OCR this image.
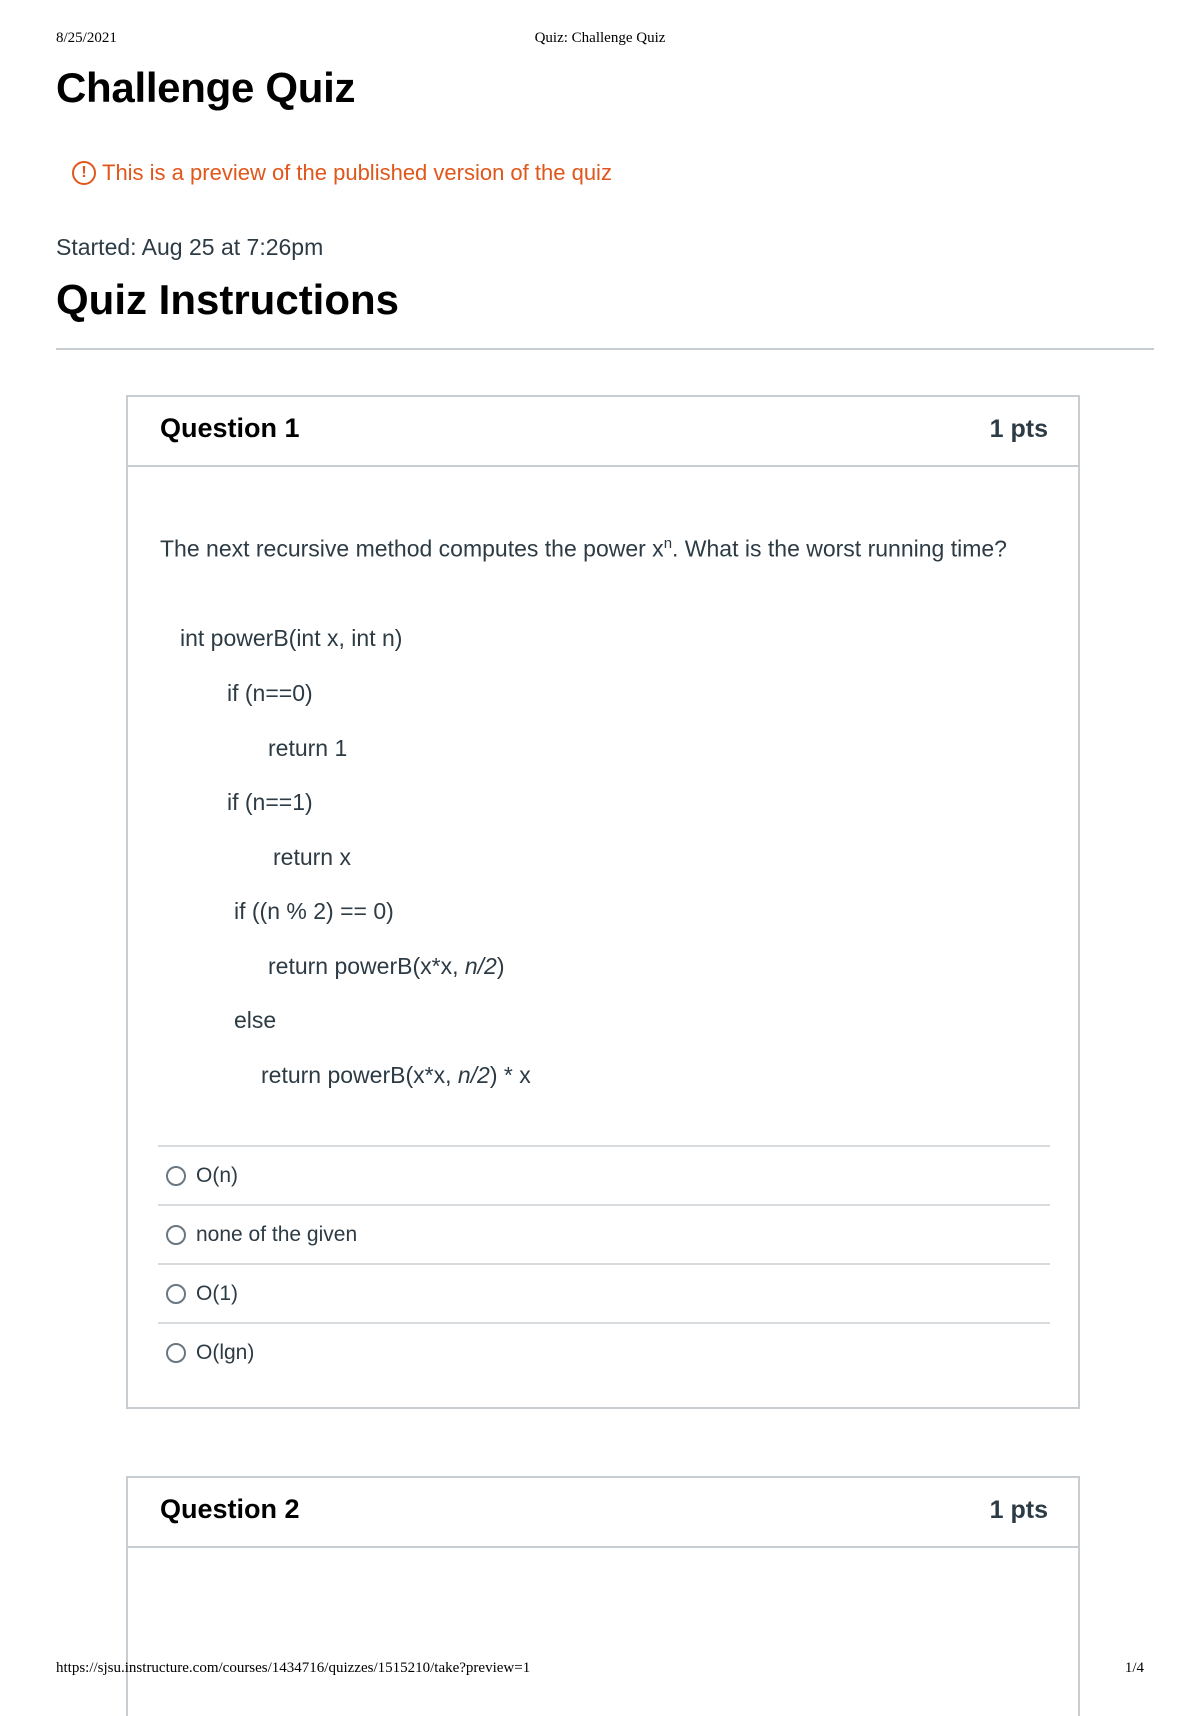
8/25/2021	Quiz: Challenge Quiz
Challenge Quiz
! This is a preview of the published version of the quiz
Started: Aug 25 at 7:26pm
Quiz Instructions
Question 1	1 pts
The next recursive method computes the power $x^n$. What is the worst running time?
int powerB(int x, int n)
if (n==0)
return 1
if (n==1)
return x
if ((n % 2) == 0)
return powerB(x*x, n/2)
else
return powerB(x*x, n/2) * x
O(n)
none of the given
O(1)
O(lgn)
Question 2	1 pts
https://sjsu.instructure.com/courses/1434716/quizzes/1515210/take?preview=1	1/4
